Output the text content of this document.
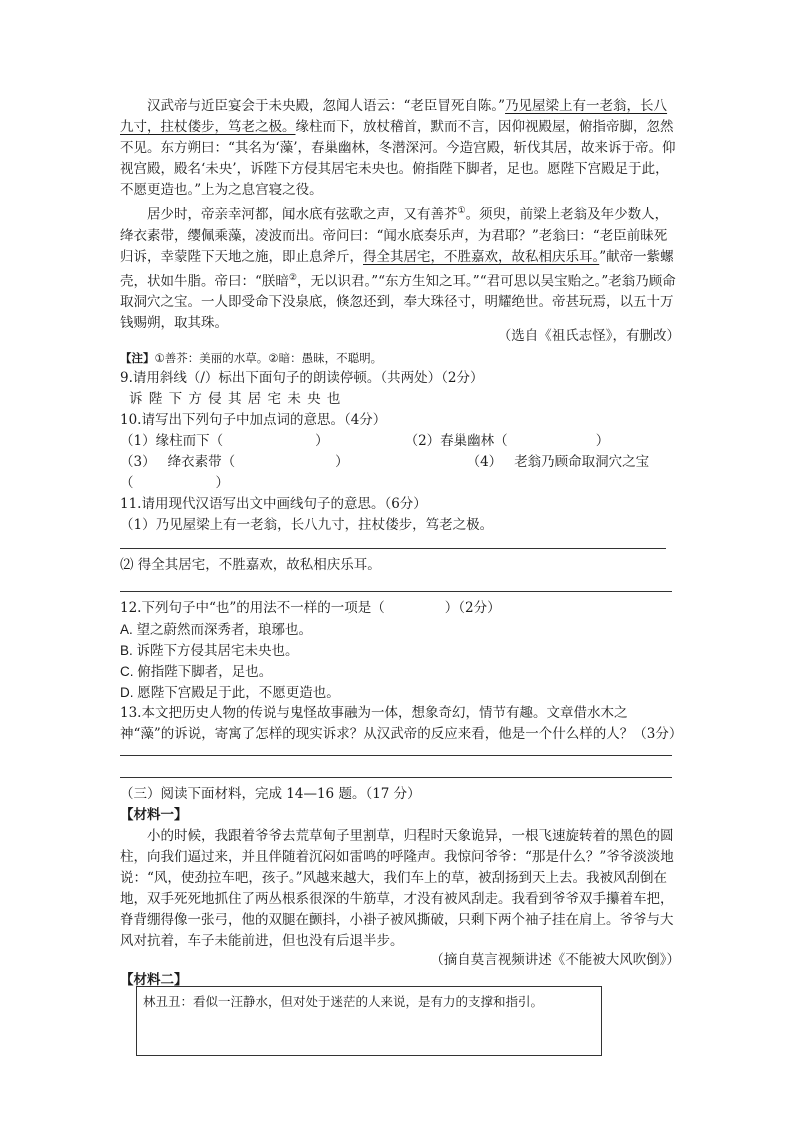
汉武帝与近臣宴会于未央殿，忽闻人语云：“老臣冒死自陈。”乃见屋梁上有一老翁，长八九寸，拄杖偻步，笃老之极。缘柱而下，放杖稽首，默而不言，因仰视殿屋，俯指帝脚，忽然不见。东方朔曰：“其名为‘藻’，春巢幽林，冬潜深河。今造宫殿，斩伐其居，故来诉于帝。仰视宫殿，殿名‘未央’，诉陛下方侵其居宅未央也。俯指陛下脚者，足也。愿陛下宫殿足于此，不愿更造也。”上为之息宫寝之役。
居少时，帝亲幸河都，闻水底有弦歌之声，又有善芥①。须臾，前梁上老翁及年少数人，绛衣素带，缨佩乘藻，凌波而出。帝问曰：“闻水底奏乐声，为君耶？”老翁曰：“老臣前昧死归诉，幸蒙陛下天地之施，即止息斧斤，得全其居宅，不胜嘉欢，故私相庆乐耳。”献帝一紫螺壳，状如牛脂。帝曰：“朕暗②，无以识君。”“东方生知之耳。”“君可思以吴宝贻之。”老翁乃顾命取洞穴之宝。一人即受命下没泉底，倏忽还到，奉大珠径寸，明耀绝世。帝甚玩焉，以五十万钱赐朔，取其珠。
（选自《祖氏志怪》，有删改）
【注】①善芥：美丽的水草。②暗：愚昧，不聪明。

9.请用斜线（/）标出下面句子的朗读停顿。（共两处）（2分）

诉 陛 下 方 侵 其 居 宅 未 央 也

10.请写出下列句子中加点词的意思。（4分）

（1）缘柱而下（	）	（2）春巢幽林（	）
（3） 绛衣素带（	）	（4） 老翁乃顾命取洞穴之宝
（	）

11.请用现代汉语写出文中画线句子的意思。（6分）

（1）乃见屋梁上有一老翁，长八九寸，拄杖偻步，笃老之极。

⑵ 得全其居宅，不胜嘉欢，故私相庆乐耳。

12.下列句子中“也”的用法不一样的一项是（	）（2分）

A. 望之蔚然而深秀者，琅琊也。

B. 诉陛下方侵其居宅未央也。

C. 俯指陛下脚者，足也。

D. 愿陛下宫殿足于此，不愿更造也。

13.本文把历史人物的传说与鬼怪故事融为一体，想象奇幻，情节有趣。文章借水木之神“藻”的诉说，寄寓了怎样的现实诉求？从汉武帝的反应来看，他是一个什么样的人？（3分）
（三）阅读下面材料，完成 14—16 题。（17 分）
【材料一】
小的时候，我跟着爷爷去荒草甸子里割草，归程时天象诡异，一根飞速旋转着的黑色的圆柱，向我们逼过来，并且伴随着沉闷如雷鸣的呼隆声。我惊问爷爷：“那是什么？”爷爷淡淡地说：“风，使劲拉车吧，孩子。”风越来越大，我们车上的草，被刮扬到天上去。我被风刮倒在地，双手死死地抓住了两丛根系很深的牛筋草，才没有被风刮走。我看到爷爷双手攥着车把，脊背绷得像一张弓，他的双腿在颤抖，小褂子被风撕破，只剩下两个袖子挂在肩上。爷爷与大风对抗着，车子未能前进，但也没有后退半步。
（摘自莫言视频讲述《不能被大风吹倒》）
【材料二】
林丑丑：看似一汪静水，但对处于迷茫的人来说，是有力的支撑和指引。
